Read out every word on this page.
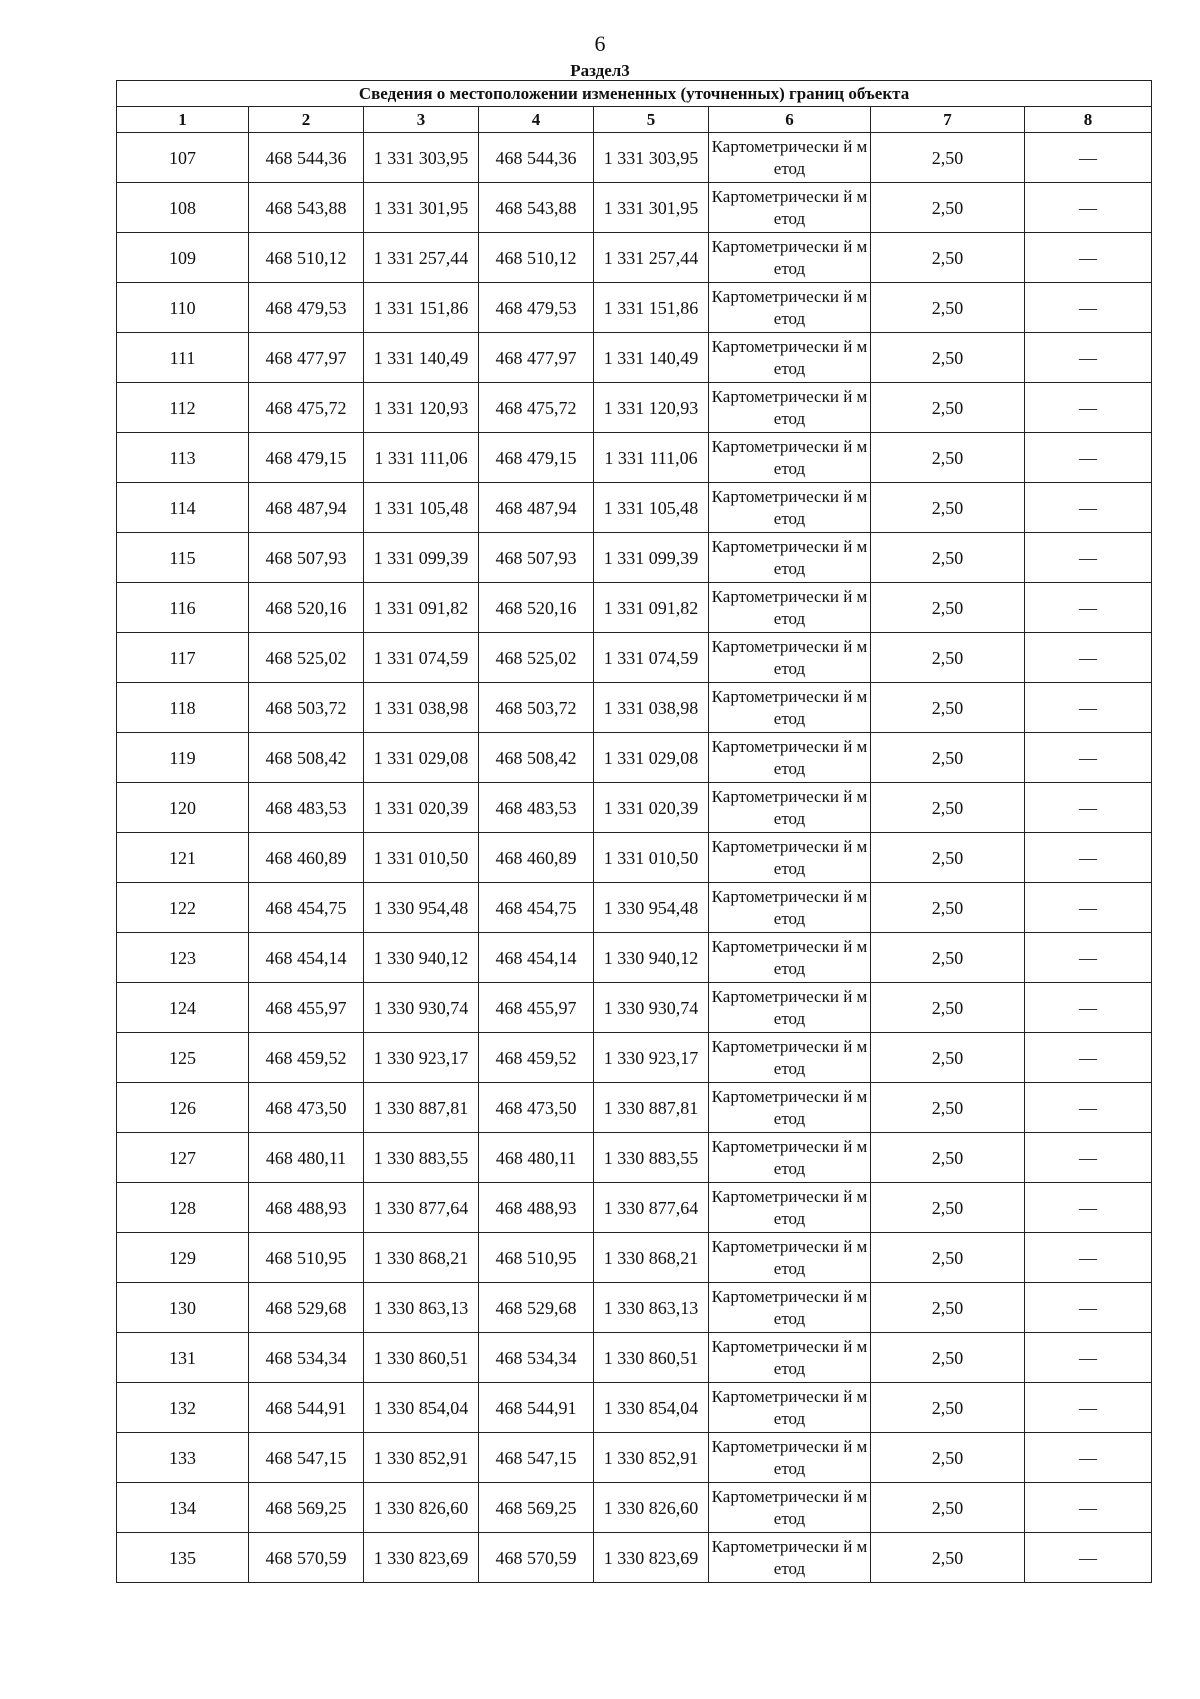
6
Раздел3
Сведения о местоположении измененных (уточненных) границ объекта							
1	2	3	4	5	6	7	8
107	468 544,36	1 331 303,95	468 544,36	1 331 303,95	Картометрически й метод	2,50	—
108	468 543,88	1 331 301,95	468 543,88	1 331 301,95	Картометрически й метод	2,50	—
109	468 510,12	1 331 257,44	468 510,12	1 331 257,44	Картометрически й метод	2,50	—
110	468 479,53	1 331 151,86	468 479,53	1 331 151,86	Картометрически й метод	2,50	—
111	468 477,97	1 331 140,49	468 477,97	1 331 140,49	Картометрически й метод	2,50	—
112	468 475,72	1 331 120,93	468 475,72	1 331 120,93	Картометрически й метод	2,50	—
113	468 479,15	1 331 111,06	468 479,15	1 331 111,06	Картометрически й метод	2,50	—
114	468 487,94	1 331 105,48	468 487,94	1 331 105,48	Картометрически й метод	2,50	—
115	468 507,93	1 331 099,39	468 507,93	1 331 099,39	Картометрически й метод	2,50	—
116	468 520,16	1 331 091,82	468 520,16	1 331 091,82	Картометрически й метод	2,50	—
117	468 525,02	1 331 074,59	468 525,02	1 331 074,59	Картометрически й метод	2,50	—
118	468 503,72	1 331 038,98	468 503,72	1 331 038,98	Картометрически й метод	2,50	—
119	468 508,42	1 331 029,08	468 508,42	1 331 029,08	Картометрически й метод	2,50	—
120	468 483,53	1 331 020,39	468 483,53	1 331 020,39	Картометрически й метод	2,50	—
121	468 460,89	1 331 010,50	468 460,89	1 331 010,50	Картометрически й метод	2,50	—
122	468 454,75	1 330 954,48	468 454,75	1 330 954,48	Картометрически й метод	2,50	—
123	468 454,14	1 330 940,12	468 454,14	1 330 940,12	Картометрически й метод	2,50	—
124	468 455,97	1 330 930,74	468 455,97	1 330 930,74	Картометрически й метод	2,50	—
125	468 459,52	1 330 923,17	468 459,52	1 330 923,17	Картометрически й метод	2,50	—
126	468 473,50	1 330 887,81	468 473,50	1 330 887,81	Картометрически й метод	2,50	—
127	468 480,11	1 330 883,55	468 480,11	1 330 883,55	Картометрически й метод	2,50	—
128	468 488,93	1 330 877,64	468 488,93	1 330 877,64	Картометрически й метод	2,50	—
129	468 510,95	1 330 868,21	468 510,95	1 330 868,21	Картометрически й метод	2,50	—
130	468 529,68	1 330 863,13	468 529,68	1 330 863,13	Картометрически й метод	2,50	—
131	468 534,34	1 330 860,51	468 534,34	1 330 860,51	Картометрически й метод	2,50	—
132	468 544,91	1 330 854,04	468 544,91	1 330 854,04	Картометрически й метод	2,50	—
133	468 547,15	1 330 852,91	468 547,15	1 330 852,91	Картометрически й метод	2,50	—
134	468 569,25	1 330 826,60	468 569,25	1 330 826,60	Картометрически й метод	2,50	—
135	468 570,59	1 330 823,69	468 570,59	1 330 823,69	Картометрически й метод	2,50	—
